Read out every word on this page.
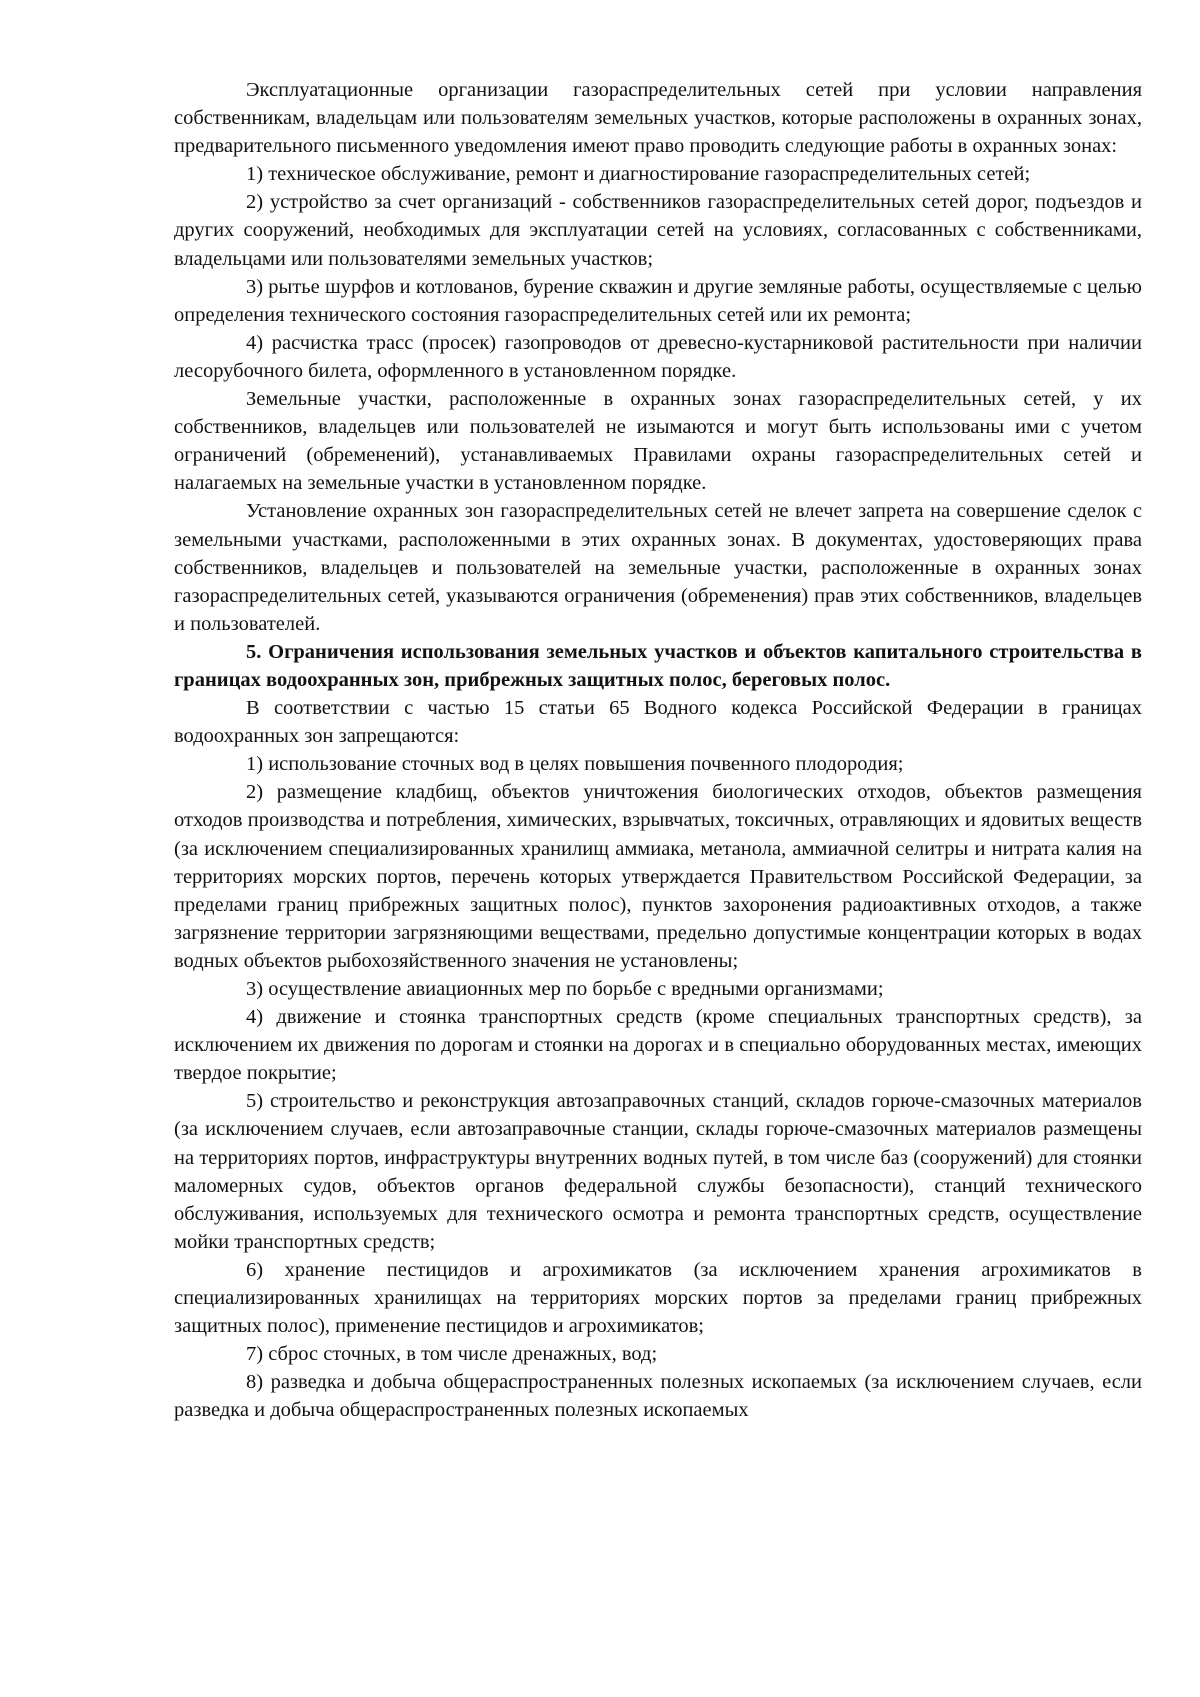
Эксплуатационные организации газораспределительных сетей при условии направления собственникам, владельцам или пользователям земельных участков, которые расположены в охранных зонах, предварительного письменного уведомления имеют право проводить следующие работы в охранных зонах:

1) техническое обслуживание, ремонт и диагностирование газораспределительных сетей;

2) устройство за счет организаций - собственников газораспределительных сетей дорог, подъездов и других сооружений, необходимых для эксплуатации сетей на условиях, согласованных с собственниками, владельцами или пользователями земельных участков;

3) рытье шурфов и котлованов, бурение скважин и другие земляные работы, осуществляемые с целью определения технического состояния газораспределительных сетей или их ремонта;

4) расчистка трасс (просек) газопроводов от древесно-кустарниковой растительности при наличии лесорубочного билета, оформленного в установленном порядке.

Земельные участки, расположенные в охранных зонах газораспределительных сетей, у их собственников, владельцев или пользователей не изымаются и могут быть использованы ими с учетом ограничений (обременений), устанавливаемых Правилами охраны газораспределительных сетей и налагаемых на земельные участки в установленном порядке.

Установление охранных зон газораспределительных сетей не влечет запрета на совершение сделок с земельными участками, расположенными в этих охранных зонах. В документах, удостоверяющих права собственников, владельцев и пользователей на земельные участки, расположенные в охранных зонах газораспределительных сетей, указываются ограничения (обременения) прав этих собственников, владельцев и пользователей.

5. Ограничения использования земельных участков и объектов капитального строительства в границах водоохранных зон, прибрежных защитных полос, береговых полос.

В соответствии с частью 15 статьи 65 Водного кодекса Российской Федерации в границах водоохранных зон запрещаются:

1) использование сточных вод в целях повышения почвенного плодородия;

2) размещение кладбищ, объектов уничтожения биологических отходов, объектов размещения отходов производства и потребления, химических, взрывчатых, токсичных, отравляющих и ядовитых веществ (за исключением специализированных хранилищ аммиака, метанола, аммиачной селитры и нитрата калия на территориях морских портов, перечень которых утверждается Правительством Российской Федерации, за пределами границ прибрежных защитных полос), пунктов захоронения радиоактивных отходов, а также загрязнение территории загрязняющими веществами, предельно допустимые концентрации которых в водах водных объектов рыбохозяйственного значения не установлены;

3) осуществление авиационных мер по борьбе с вредными организмами;

4) движение и стоянка транспортных средств (кроме специальных транспортных средств), за исключением их движения по дорогам и стоянки на дорогах и в специально оборудованных местах, имеющих твердое покрытие;

5) строительство и реконструкция автозаправочных станций, складов горюче-смазочных материалов (за исключением случаев, если автозаправочные станции, склады горюче-смазочных материалов размещены на территориях портов, инфраструктуры внутренних водных путей, в том числе баз (сооружений) для стоянки маломерных судов, объектов органов федеральной службы безопасности), станций технического обслуживания, используемых для технического осмотра и ремонта транспортных средств, осуществление мойки транспортных средств;

6) хранение пестицидов и агрохимикатов (за исключением хранения агрохимикатов в специализированных хранилищах на территориях морских портов за пределами границ прибрежных защитных полос), применение пестицидов и агрохимикатов;

7) сброс сточных, в том числе дренажных, вод;

8) разведка и добыча общераспространенных полезных ископаемых (за исключением случаев, если разведка и добыча общераспространенных полезных ископаемых
